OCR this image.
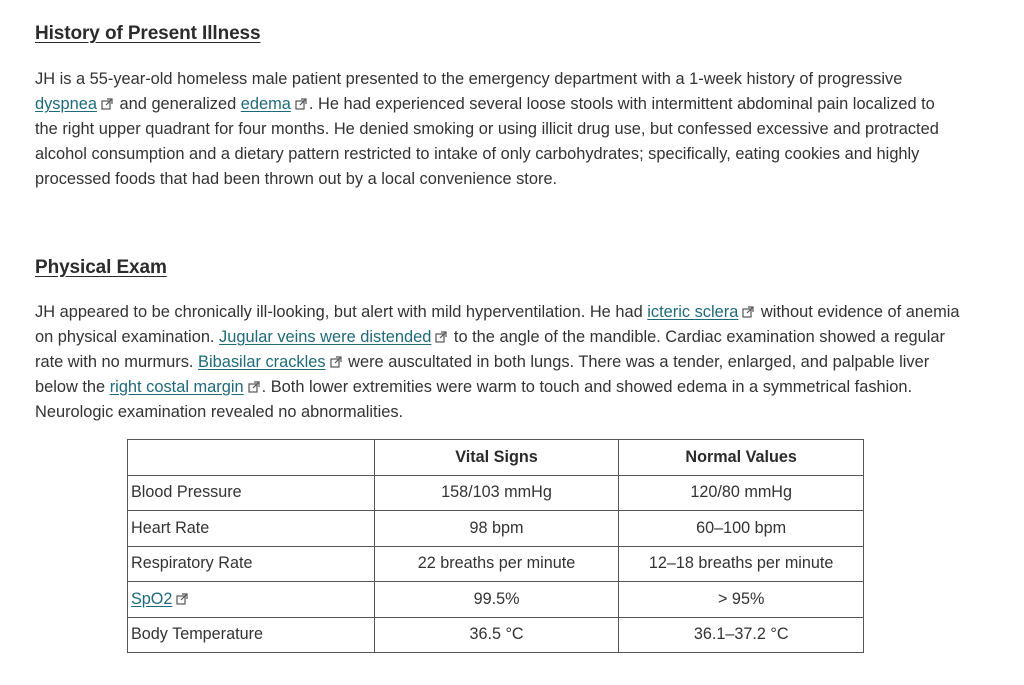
History of Present Illness

JH is a 55-year-old homeless male patient presented to the emergency department with a 1-week history of progressive dyspnea
and generalized edema . He had experienced several loose stools with intermittent abdominal pain localized to the right upper quadrant for four months. He denied smoking or using illicit drug use, but confessed excessive and protracted alcohol consumption and a dietary pattern restricted to intake of only carbohydrates; specifically, eating cookies and highly processed foods that had been thrown out by a local convenience store.

Physical Exam

JH appeared to be chronically ill-looking, but alert with mild hyperventilation. He had icteric sclera
without evidence of anemia on physical examination. Jugular veins were distended
to the angle of the mandible. Cardiac examination showed a regular rate with no murmurs. Bibasilar crackles
were auscultated in both lungs. There was a tender, enlarged, and palpable liver below the right costal margin . Both lower extremities were warm to touch and showed edema in a symmetrical fashion. Neurologic examination revealed no abnormalities.

	Vital Signs	Normal Values
Blood Pressure	158/103 mmHg	120/80 mmHg
Heart Rate	98 bpm	60–100 bpm
Respiratory Rate	22 breaths per minute	12–18 breaths per minute
SpO2	99.5%	> 95%
Body Temperature	36.5 °C	36.1–37.2 °C
